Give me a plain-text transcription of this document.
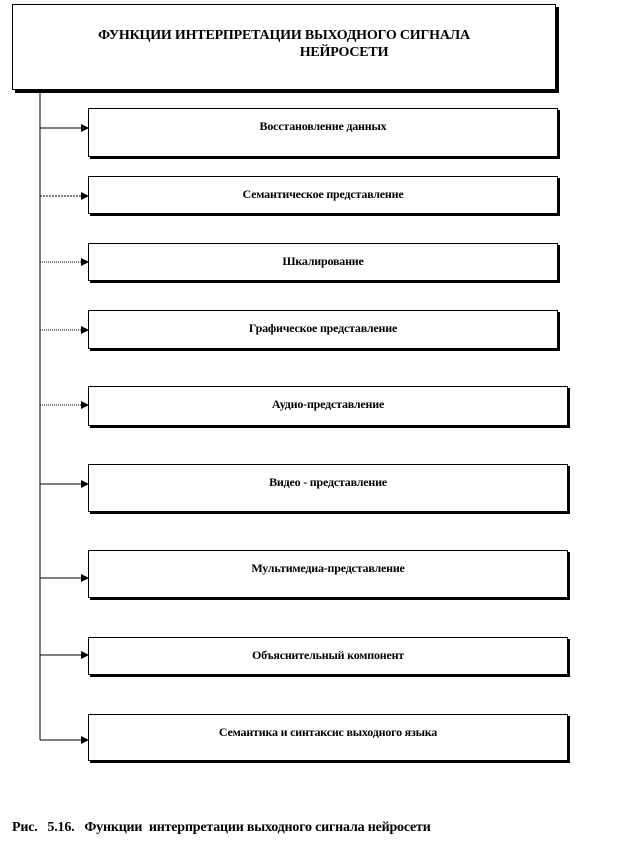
ФУНКЦИИ ИНТЕРПРЕТАЦИИ ВЫХОДНОГО СИГНАЛА
НЕЙРОСЕТИ
Восстановление данных
Семантическое представление
Шкалирование
Графическое представление
Аудио-представление
Видео - представление
Мультимедиа-представление
Объяснительный компонент
Семантика и синтаксис выходного языка
Рис.   5.16.   Функции  интерпретации выходного сигнала нейросети
